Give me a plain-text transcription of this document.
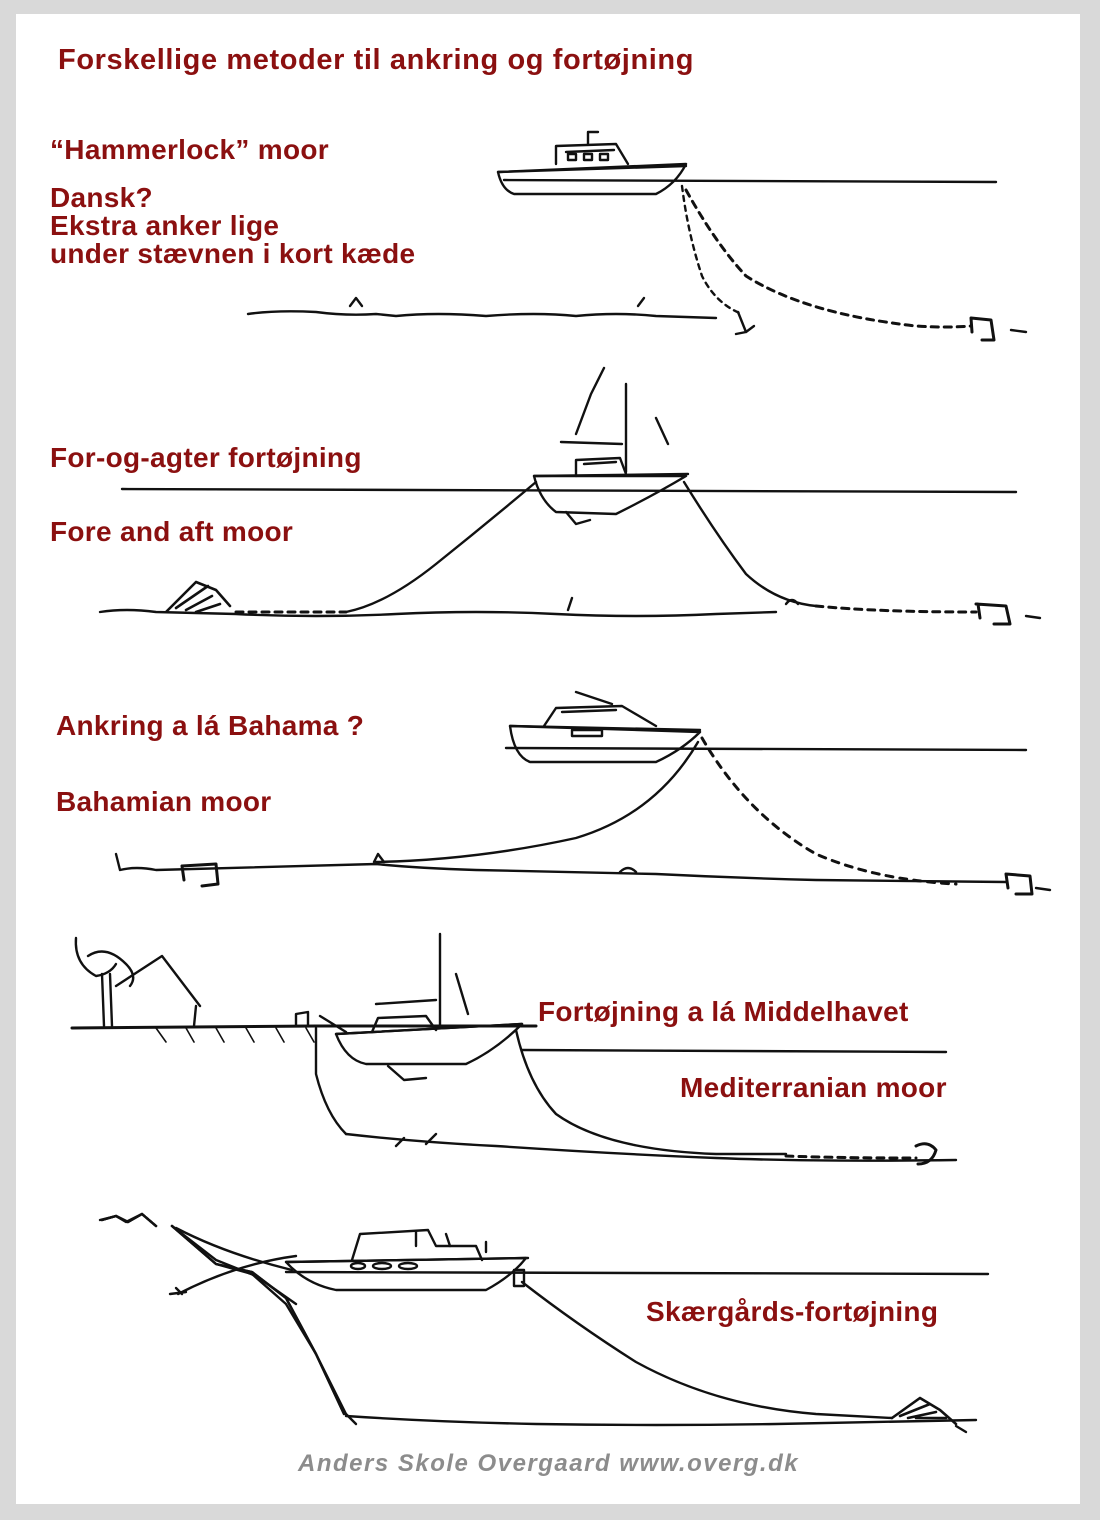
Forskellige metoder til ankring og fortøjning
“Hammerlock” moor
Dansk?
Ekstra anker lige
under stævnen i kort kæde
For-og-agter fortøjning
Fore and aft moor
Ankring a lá Bahama ?
Bahamian moor
Fortøjning a lá Middelhavet
Mediterranian moor
Skærgårds-fortøjning
Anders Skole Overgaard www.overg.dk
